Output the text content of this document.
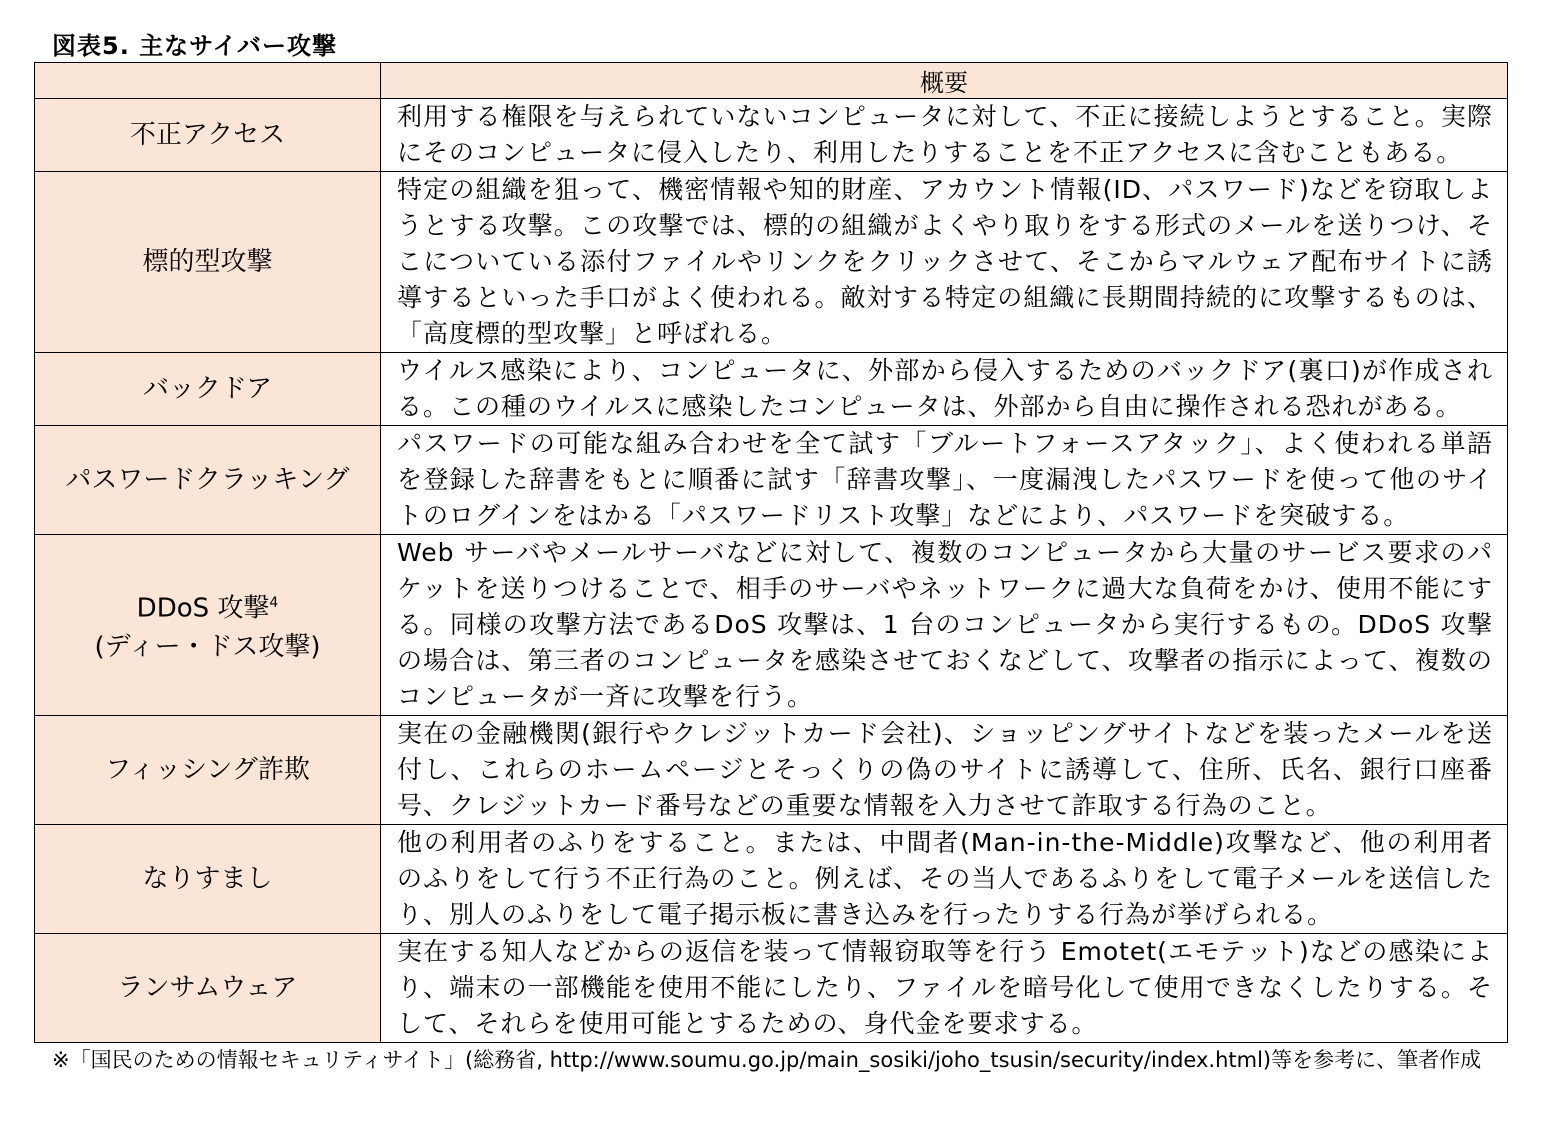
図表5. 主なサイバー攻撃
	概要
不正アクセス	利用する権限を与えられていないコンピュータに対して、不正に接続しようとすること。実際にそのコンピュータに侵入したり、利用したりすることを不正アクセスに含むこともある。
標的型攻撃	特定の組織を狙って、機密情報や知的財産、アカウント情報(ID、パスワード)などを窃取しようとする攻撃。この攻撃では、標的の組織がよくやり取りをする形式のメールを送りつけ、そこについている添付ファイルやリンクをクリックさせて、そこからマルウェア配布サイトに誘導するといった手口がよく使われる。敵対する特定の組織に長期間持続的に攻撃するものは、「高度標的型攻撃」と呼ばれる。
バックドア	ウイルス感染により、コンピュータに、外部から侵入するためのバックドア(裏口)が作成される。この種のウイルスに感染したコンピュータは、外部から自由に操作される恐れがある。
パスワードクラッキング	パスワードの可能な組み合わせを全て試す「ブルートフォースアタック」、よく使われる単語を登録した辞書をもとに順番に試す「辞書攻撃」、一度漏洩したパスワードを使って他のサイトのログインをはかる「パスワードリスト攻撃」などにより、パスワードを突破する。
DDoS 攻撃$^4$
(ディー・ドス攻撃)	Web サーバやメールサーバなどに対して、複数のコンピュータから大量のサービス要求のパケットを送りつけることで、相手のサーバやネットワークに過大な負荷をかけ、使用不能にする。同様の攻撃方法であるDoS 攻撃は、1 台のコンピュータから実行するもの。DDoS 攻撃の場合は、第三者のコンピュータを感染させておくなどして、攻撃者の指示によって、複数のコンピュータが一斉に攻撃を行う。
フィッシング詐欺	実在の金融機関(銀行やクレジットカード会社)、ショッピングサイトなどを装ったメールを送付し、これらのホームページとそっくりの偽のサイトに誘導して、住所、氏名、銀行口座番号、クレジットカード番号などの重要な情報を入力させて詐取する行為のこと。
なりすまし	他の利用者のふりをすること。または、中間者(Man-in-the-Middle)攻撃など、他の利用者のふりをして行う不正行為のこと。例えば、その当人であるふりをして電子メールを送信したり、別人のふりをして電子掲示板に書き込みを行ったりする行為が挙げられる。
ランサムウェア	実在する知人などからの返信を装って情報窃取等を行う Emotet(エモテット)などの感染により、端末の一部機能を使用不能にしたり、ファイルを暗号化して使用できなくしたりする。そして、それらを使用可能とするための、身代金を要求する。
※「国民のための情報セキュリティサイト」(総務省, http://www.soumu.go.jp/main_sosiki/joho_tsusin/security/index.html)等を参考に、筆者作成
